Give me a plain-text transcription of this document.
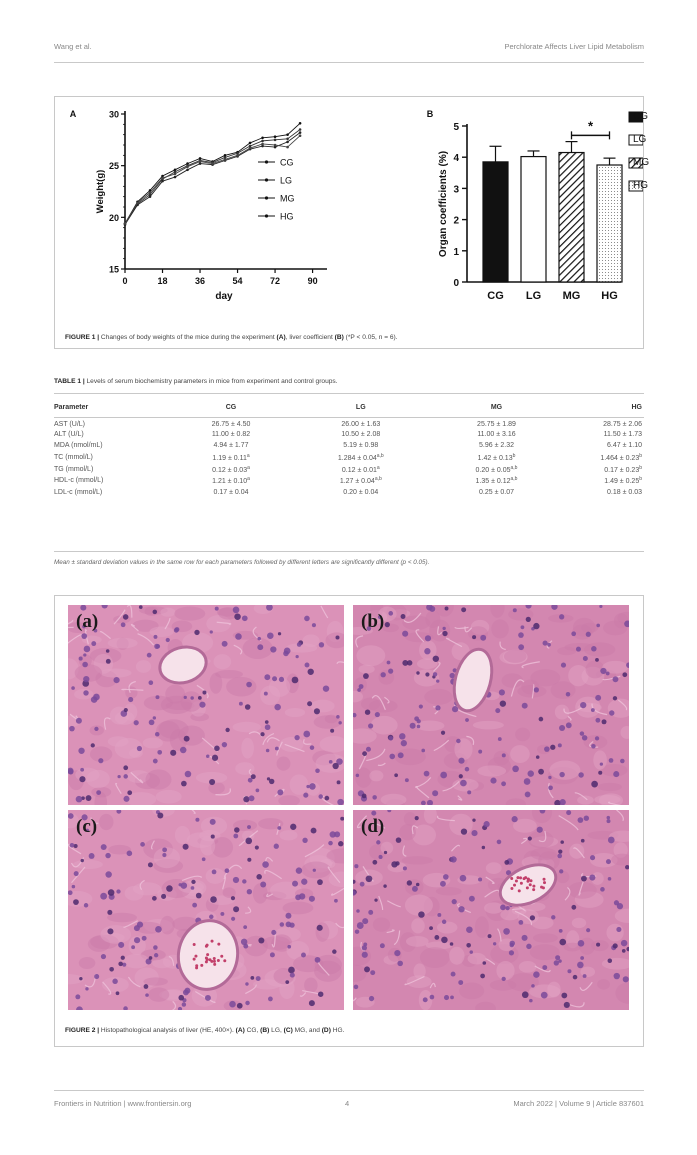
Wang et al.	Perchlorate Affects Liver Lipid Metabolism
A
15
20
25
30
0	18	36	54	72	90
day
Weight(g)
CG
LG
MG
HG
B
0
1
2
3
4
5
Organ coefficients (%)
CG LG MG HG
*
FIGURE 1 | Changes of body weights of the mice during the experiment (A), liver coefficient (B) (*P < 0.05, n = 6).
CG
LG
MG
HG
TABLE 1 | Levels of serum biochemistry parameters in mice from experiment and control groups.
Parameter	CG	LG	MG	HG
AST (U/L)	26.75 ± 4.50	26.00 ± 1.63	25.75 ± 1.89	28.75 ± 2.06
ALT (U/L)	11.00 ± 0.82	10.50 ± 2.08	11.00 ± 3.16	11.50 ± 1.73
MDA (nmol/mL)	4.94 ± 1.77	5.19 ± 0.98	5.96 ± 2.32	6.47 ± 1.10
TC (mmol/L)	1.19 ± 0.11$^a$	$1.284 \pm 0.04^{a,b}$	1.42 ± 0.13$^b$	1.464 ± 0.23$^b$
TG (mmol/L)	0.12 ± 0.03$^a$	0.12 ± 0.01$^a$	$0.20 \pm 0.05^{a,b}$	0.17 ± 0.23$^b$
HDL-c (mmol/L)	1.21 ± 0.10$^a$	$1.27 \pm 0.04^{a,b}$	$1.35 \pm 0.12^{a,b}$	1.49 ± 0.25$^b$
LDL-c (mmol/L)	0.17 ± 0.04	0.20 ± 0.04	0.25 ± 0.07	0.18 ± 0.03
Mean ± standard deviation values in the same row for each parameters followed by different letters are significantly different (p < 0.05).
(a)	(b)
(c)	(d)
FIGURE 2 | Histopathological analysis of liver (HE, 400×). (A) CG, (B) LG, (C) MG, and (D) HG.
Frontiers in Nutrition | www.frontiersin.org	4	March 2022 | Volume 9 | Article 837601
